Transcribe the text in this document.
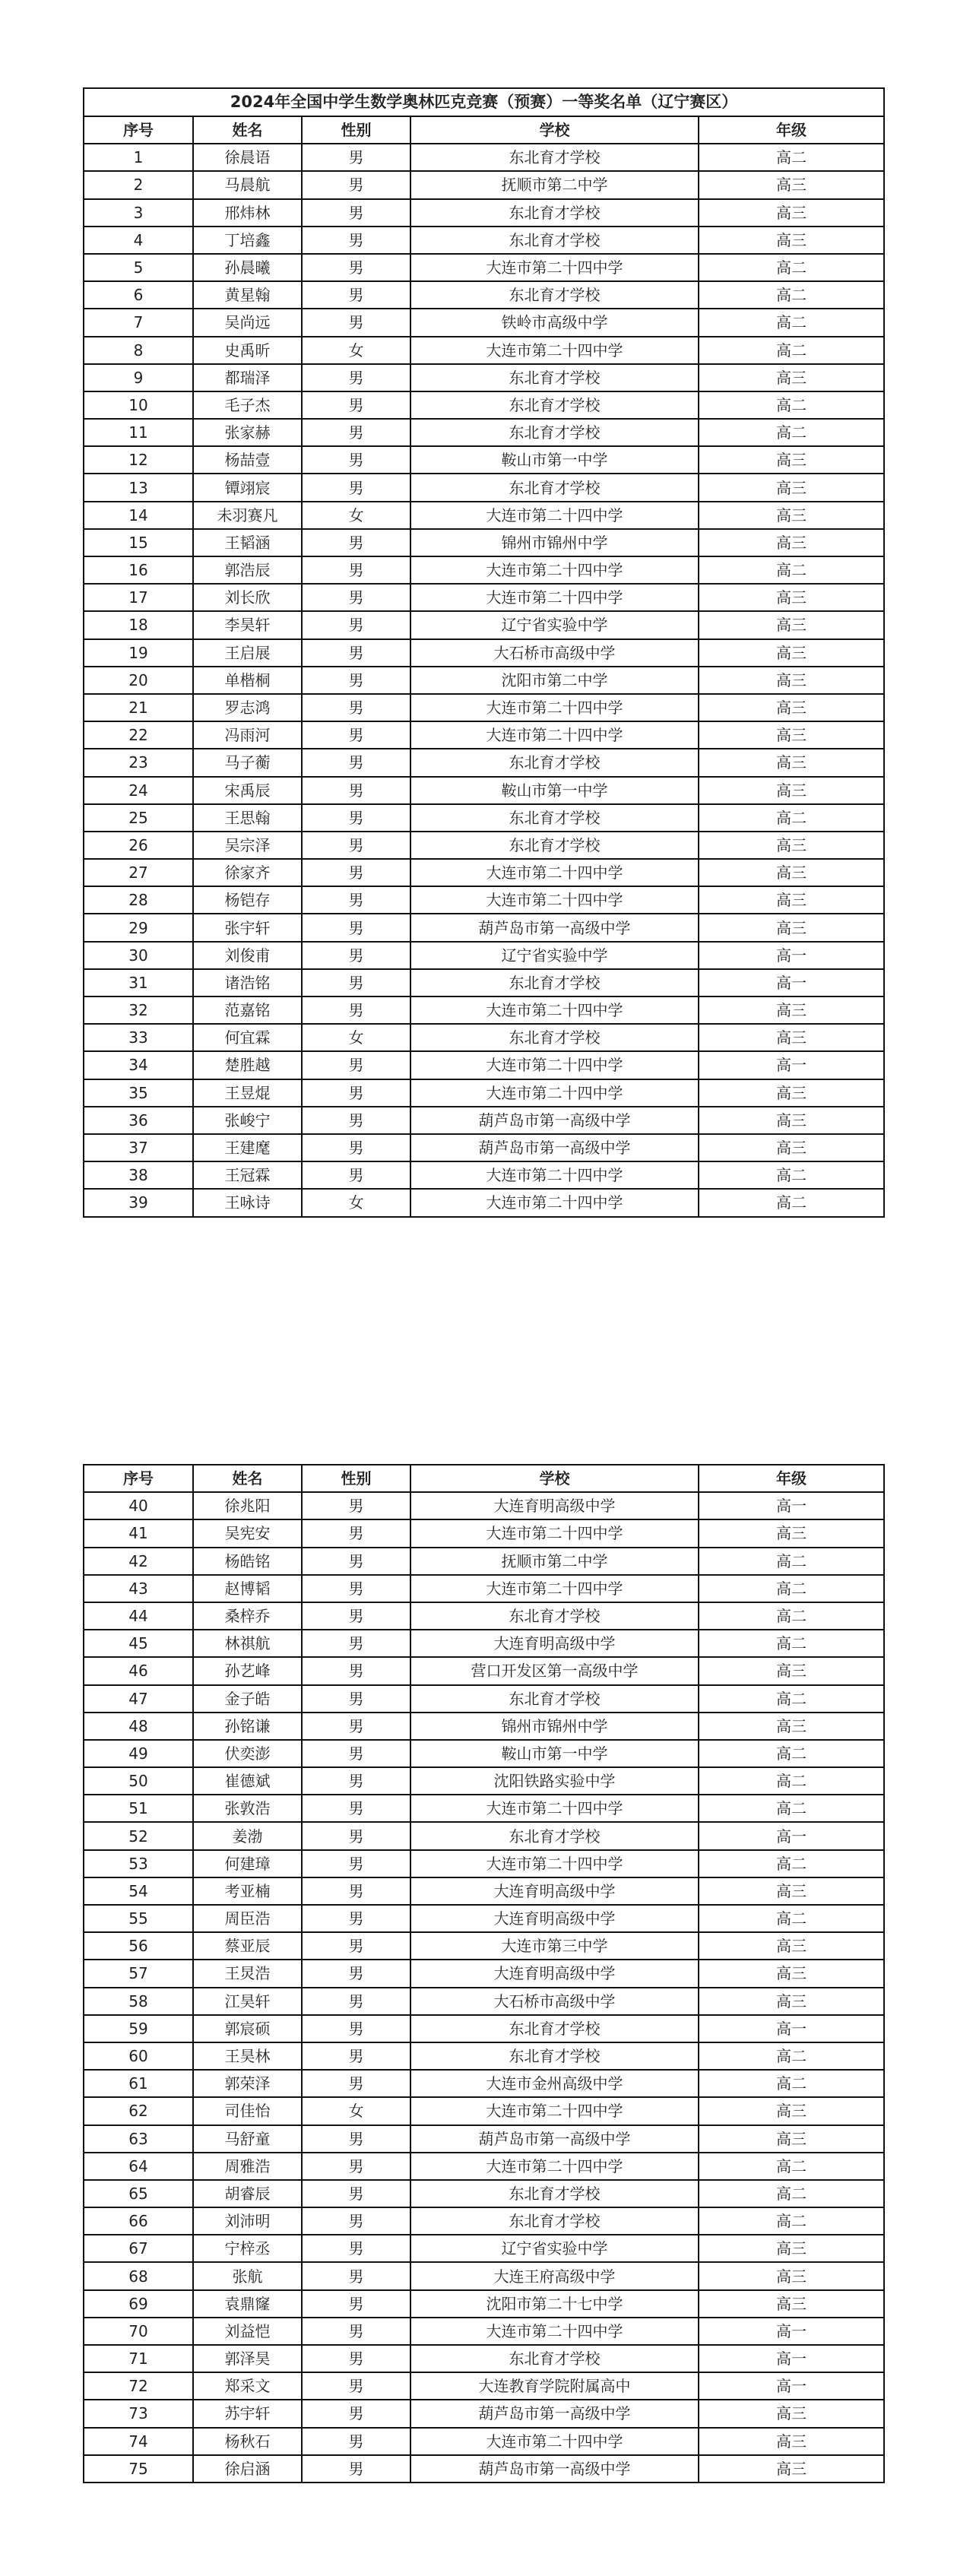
2024年全国中学生数学奥林匹克竞赛（预赛）一等奖名单（辽宁赛区）				
序号	姓名	性别	学校	年级
1	徐晨语	男	东北育才学校	高二
2	马晨航	男	抚顺市第二中学	高三
3	邢炜林	男	东北育才学校	高三
4	丁培鑫	男	东北育才学校	高三
5	孙晨曦	男	大连市第二十四中学	高二
6	黄星翰	男	东北育才学校	高二
7	吴尚远	男	铁岭市高级中学	高二
8	史禹昕	女	大连市第二十四中学	高二
9	都瑞泽	男	东北育才学校	高三
10	毛子杰	男	东北育才学校	高二
11	张家赫	男	东北育才学校	高二
12	杨喆壹	男	鞍山市第一中学	高三
13	镡翊宸	男	东北育才学校	高三
14	未羽赛凡	女	大连市第二十四中学	高三
15	王韬涵	男	锦州市锦州中学	高三
16	郭浩辰	男	大连市第二十四中学	高二
17	刘长欣	男	大连市第二十四中学	高三
18	李昊轩	男	辽宁省实验中学	高三
19	王启展	男	大石桥市高级中学	高三
20	单楷桐	男	沈阳市第二中学	高三
21	罗志鸿	男	大连市第二十四中学	高三
22	冯雨河	男	大连市第二十四中学	高三
23	马子蘅	男	东北育才学校	高三
24	宋禹辰	男	鞍山市第一中学	高三
25	王思翰	男	东北育才学校	高二
26	吴宗泽	男	东北育才学校	高三
27	徐家齐	男	大连市第二十四中学	高三
28	杨铠存	男	大连市第二十四中学	高三
29	张宇轩	男	葫芦岛市第一高级中学	高三
30	刘俊甫	男	辽宁省实验中学	高一
31	诸浩铭	男	东北育才学校	高一
32	范嘉铭	男	大连市第二十四中学	高三
33	何宜霖	女	东北育才学校	高三
34	楚胜越	男	大连市第二十四中学	高一
35	王昱焜	男	大连市第二十四中学	高三
36	张峻宁	男	葫芦岛市第一高级中学	高三
37	王建麾	男	葫芦岛市第一高级中学	高三
38	王冠霖	男	大连市第二十四中学	高二
39	王咏诗	女	大连市第二十四中学	高二
序号	姓名	性别	学校	年级
40	徐兆阳	男	大连育明高级中学	高一
41	吴宪安	男	大连市第二十四中学	高三
42	杨皓铭	男	抚顺市第二中学	高二
43	赵博韬	男	大连市第二十四中学	高二
44	桑梓乔	男	东北育才学校	高二
45	林祺航	男	大连育明高级中学	高二
46	孙艺峰	男	营口开发区第一高级中学	高三
47	金子皓	男	东北育才学校	高二
48	孙铭谦	男	锦州市锦州中学	高三
49	伏奕澎	男	鞍山市第一中学	高二
50	崔德斌	男	沈阳铁路实验中学	高二
51	张敦浩	男	大连市第二十四中学	高二
52	姜渤	男	东北育才学校	高一
53	何建璋	男	大连市第二十四中学	高二
54	考亚楠	男	大连育明高级中学	高三
55	周臣浩	男	大连育明高级中学	高二
56	蔡亚辰	男	大连市第三中学	高三
57	王炅浩	男	大连育明高级中学	高三
58	江昊轩	男	大石桥市高级中学	高三
59	郭宸硕	男	东北育才学校	高一
60	王昊林	男	东北育才学校	高二
61	郭荣泽	男	大连市金州高级中学	高二
62	司佳怡	女	大连市第二十四中学	高三
63	马舒童	男	葫芦岛市第一高级中学	高三
64	周雅浩	男	大连市第二十四中学	高二
65	胡睿辰	男	东北育才学校	高二
66	刘沛明	男	东北育才学校	高二
67	宁梓丞	男	辽宁省实验中学	高三
68	张航	男	大连王府高级中学	高三
69	袁鼎窿	男	沈阳市第二十七中学	高三
70	刘益恺	男	大连市第二十四中学	高一
71	郭泽昊	男	东北育才学校	高一
72	郑采文	男	大连教育学院附属高中	高一
73	苏宇轩	男	葫芦岛市第一高级中学	高三
74	杨秋石	男	大连市第二十四中学	高三
75	徐启涵	男	葫芦岛市第一高级中学	高三
